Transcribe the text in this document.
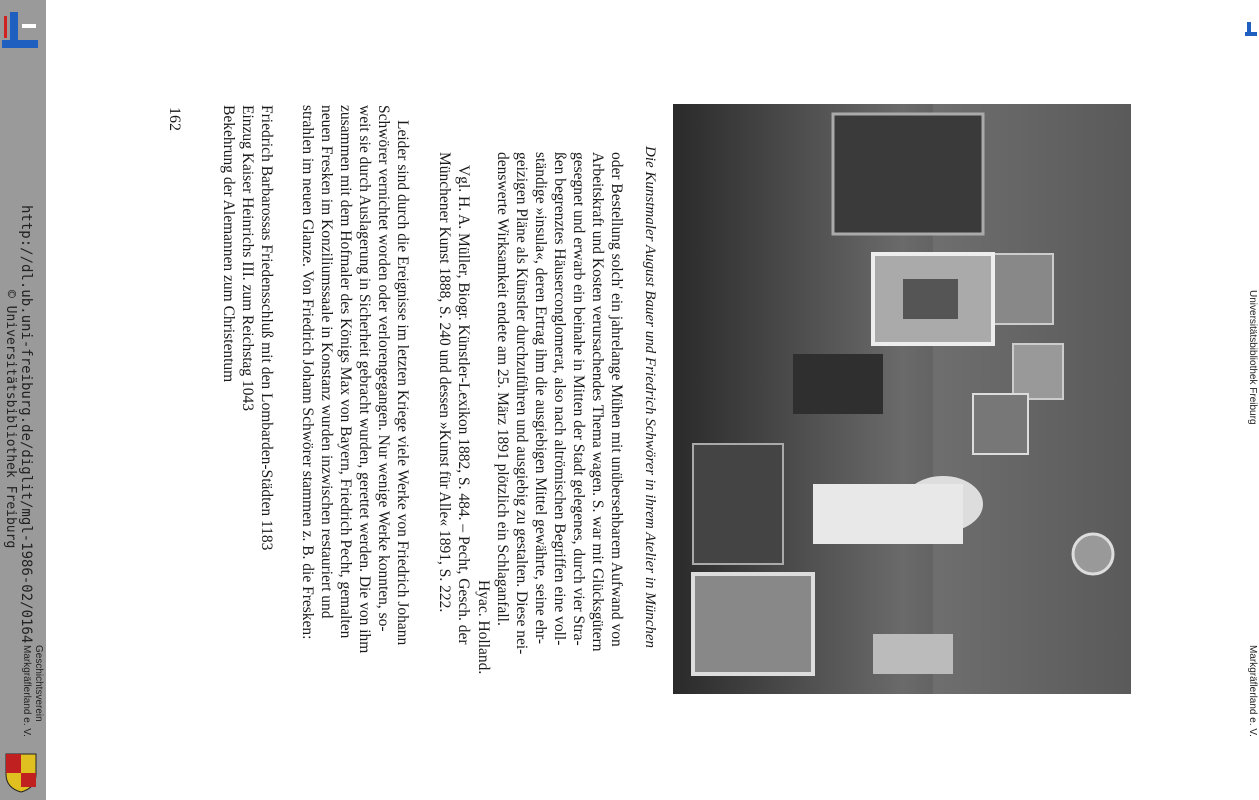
http://dl.ub.uni-freiburg.de/diglit/mgl-1986-02/0164
© Universitätsbibliothek Freiburg
Geschichtsverein
Markgräflerland e. V.
162	Friedrich Barbarossas Friedensschluß mit den Lombarden-Städten 1183
Einzug Kaiser Heinrichs III. zum Reichstag 1043
Bekehrung der Alemannen zum Christentum	strahlen im neuen Glanze. Von Friedrich Johann Schwörer stammen z. B. die Fresken: neuen Fresken im Konziliumssaale in Konstanz wurden inzwischen restauriert und zusammen mit dem Hofmaler des Königs Max von Bayern, Friedrich Pecht, gemalten weit sie durch Auslagerung in Sicherheit gebracht wurden, gerettet werden. Die von ihm Schwörer vernichtet worden oder verlorengegangen. Nur wenige Werke konnten, so- Leider sind durch die Ereignisse im letzten Kriege viele Werke von Friedrich Johann Münchener Kunst 1888, S. 240 und dessen »Kunst für Alle« 1891, S. 222. Vgl. H. A. Müller, Biogr. Künstler-Lexikon 1882, S. 484. – Pecht, Gesch. der Hyac. Holland.
denswerte Wirksamkeit endete am 25. März 1891 plötzlich ein Schlaganfall. geizigen Pläne als Künstler durchzuführen und ausgiebig zu gestalten. Diese nei- ständige »insula«, deren Ertrag ihm die ausgiebigen Mittel gewährte, seine ehr- ßen begrenztes Häuserconglomerat, also nach altrömischen Begriffen eine voll- gesegnet und erwarb ein beinahe in Mitten der Stadt gelegenes, durch vier Stra- Arbeitskraft und Kosten verursachendes Thema wagen. S. war mit Glücksgütern oder Bestellung solch' ein jahrelange Mühen mit unübersehbarem Aufwand von Die Kunstmaler August Bauer und Friedrich Schwörer in ihrem Atelier in München	Universitätsbibliothek Freiburg
Markgräflerland e. V.
